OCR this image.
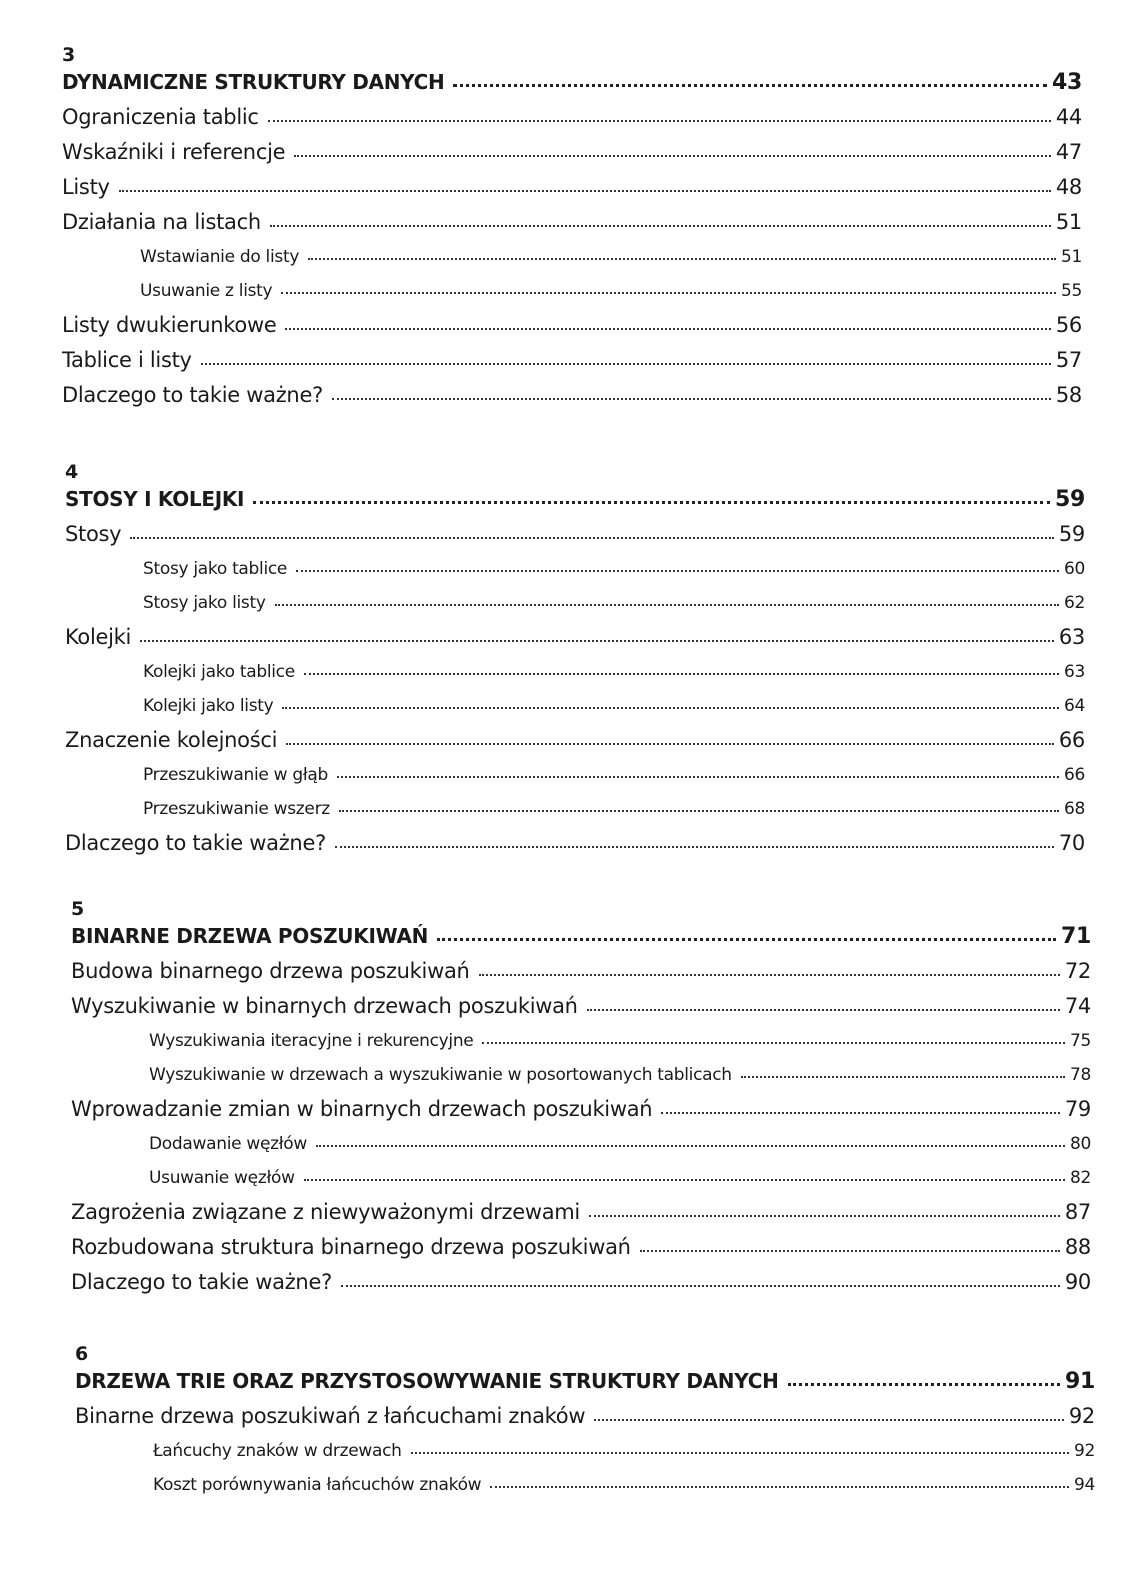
3
DYNAMICZNE STRUKTURY DANYCH	43
Ograniczenia tablic	44
Wskaźniki i referencje	47
Listy	48
Działania na listach	51
Wstawianie do listy	51
Usuwanie z listy	55
Listy dwukierunkowe	56
Tablice i listy	57
Dlaczego to takie ważne?	58
4
STOSY I KOLEJKI	59
Stosy	59
Stosy jako tablice	60
Stosy jako listy	62
Kolejki	63
Kolejki jako tablice	63
Kolejki jako listy	64
Znaczenie kolejności	66
Przeszukiwanie w głąb	66
Przeszukiwanie wszerz	68
Dlaczego to takie ważne?	70
5
BINARNE DRZEWA POSZUKIWAŃ	71
Budowa binarnego drzewa poszukiwań	72
Wyszukiwanie w binarnych drzewach poszukiwań	74
Wyszukiwania iteracyjne i rekurencyjne	75
Wyszukiwanie w drzewach a wyszukiwanie w posortowanych tablicach	78
Wprowadzanie zmian w binarnych drzewach poszukiwań	79
Dodawanie węzłów	80
Usuwanie węzłów	82
Zagrożenia związane z niewyważonymi drzewami	87
Rozbudowana struktura binarnego drzewa poszukiwań	88
Dlaczego to takie ważne?	90
6
DRZEWA TRIE ORAZ PRZYSTOSOWYWANIE STRUKTURY DANYCH	91
Binarne drzewa poszukiwań z łańcuchami znaków	92
Łańcuchy znaków w drzewach	92
Koszt porównywania łańcuchów znaków	94
